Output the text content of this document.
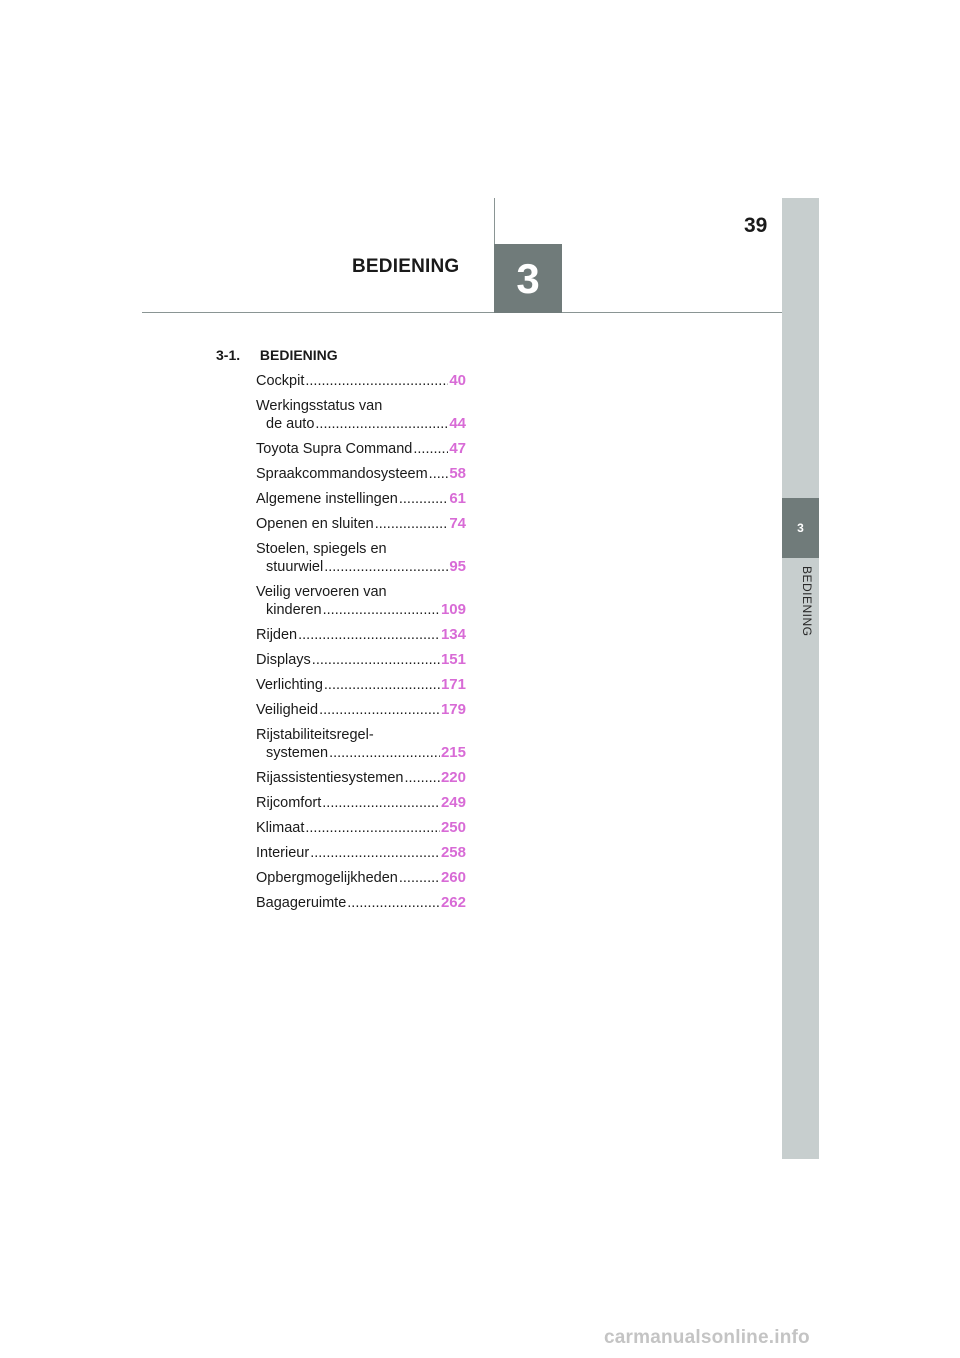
39
BEDIENING	3
3
BEDIENING
3-1. BEDIENING
Cockpit .....	40
Werkingsstatus van
de auto .....	44
Toyota Supra Command ..... 47
Spraakcommandosysteem ..... 58
Algemene instellingen .....	61
Openen en sluiten .....	74
Stoelen, spiegels en
stuurwiel .....	95
Veilig vervoeren van
kinderen .....	109
Rijden .....	134
Displays .....	151
Verlichting .....	171
Veiligheid .....	179
Rijstabiliteitsregel-
systemen .....	215
Rijassistentiesystemen ..... 220
Rijcomfort .....	249
Klimaat .....	250
Interieur .....	258
Opbergmogelijkheden .....	260
Bagageruimte .....	262
carmanualsonline.info
